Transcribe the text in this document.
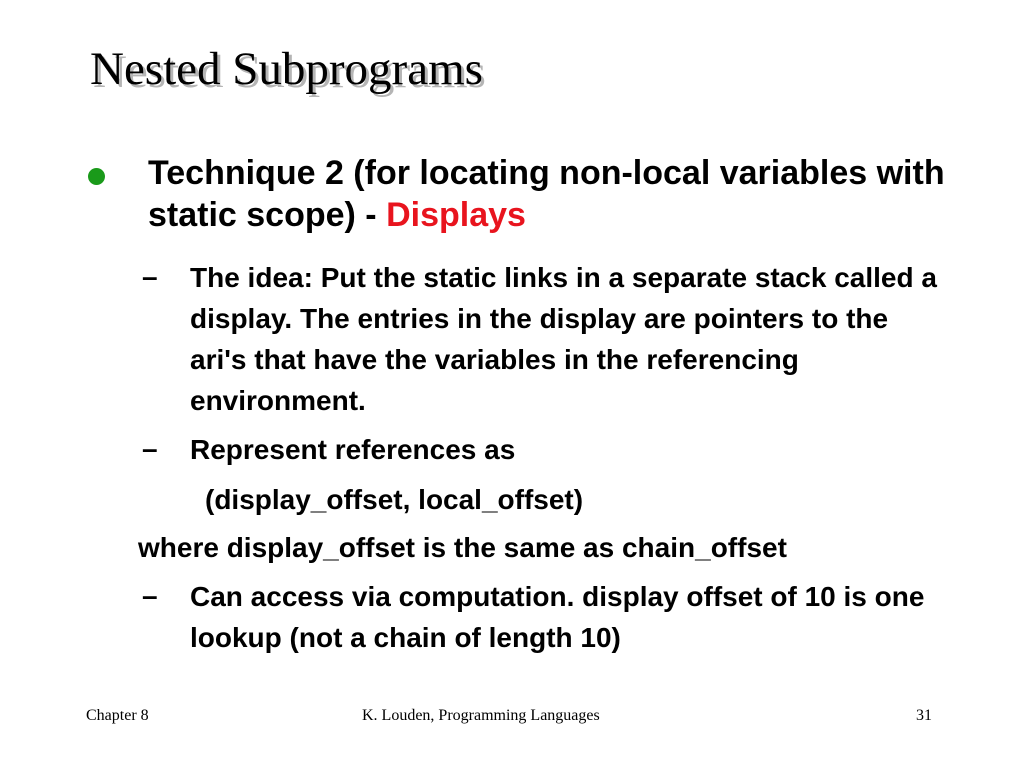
Nested Subprograms
Technique 2 (for locating non-local variables with static scope) - Displays
– The idea: Put the static links in a separate stack called a display. The entries in the display are pointers to the ari's that have the variables in the referencing environment.
– Represent references as
(display_offset, local_offset)
where display_offset is the same as chain_offset
– Can access via computation. display offset of 10 is one lookup (not a chain of length 10)
Chapter 8	K. Louden, Programming Languages	31
